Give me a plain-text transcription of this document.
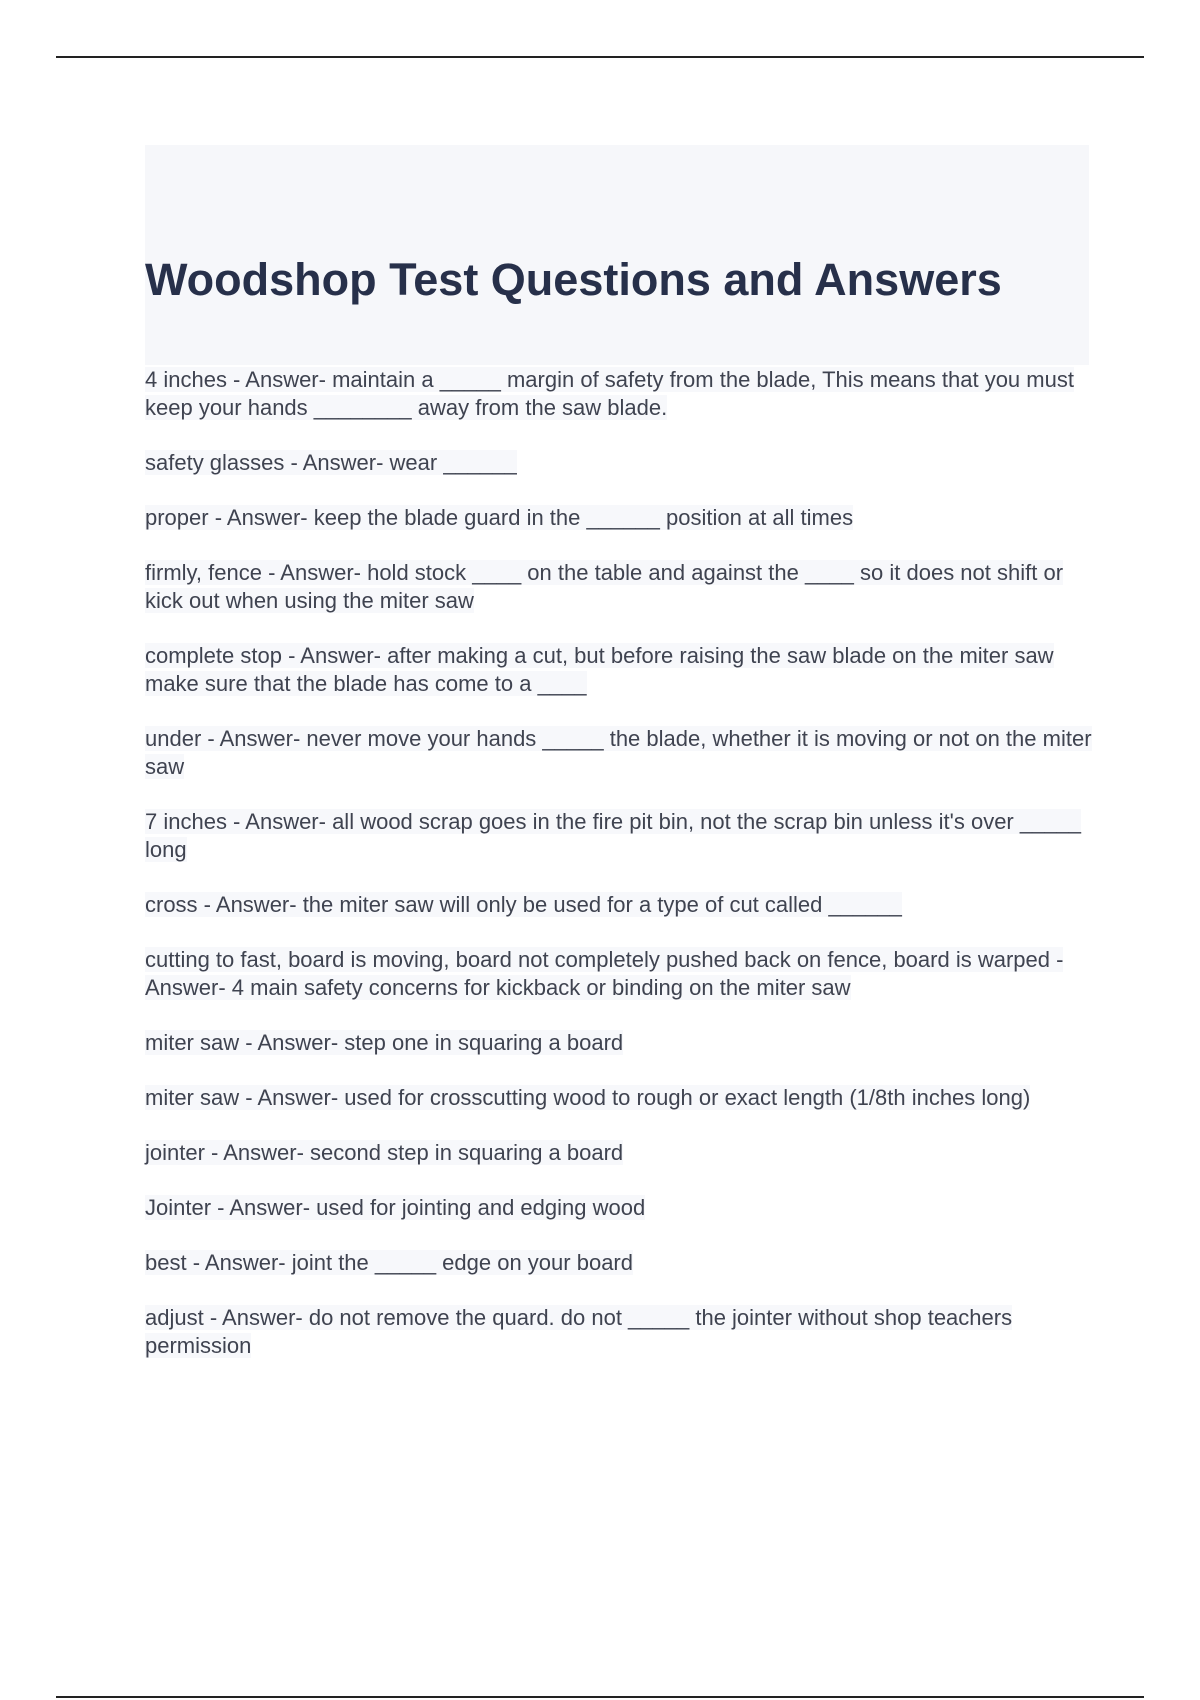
Woodshop Test Questions and Answers
4 inches - Answer- maintain a _____ margin of safety from the blade, This means that you must keep your hands ________ away from the saw blade.
safety glasses - Answer- wear ______
proper - Answer- keep the blade guard in the ______ position at all times
firmly, fence - Answer- hold stock ____ on the table and against the ____ so it does not shift or kick out when using the miter saw
complete stop - Answer- after making a cut, but before raising the saw blade on the miter saw make sure that the blade has come to a ____
under - Answer- never move your hands _____ the blade, whether it is moving or not on the miter saw
7 inches - Answer- all wood scrap goes in the fire pit bin, not the scrap bin unless it's over _____ long
cross - Answer- the miter saw will only be used for a type of cut called ______
cutting to fast, board is moving, board not completely pushed back on fence, board is warped - Answer- 4 main safety concerns for kickback or binding on the miter saw
miter saw - Answer- step one in squaring a board
miter saw - Answer- used for crosscutting wood to rough or exact length (1/8th inches long)
jointer - Answer- second step in squaring a board
Jointer - Answer- used for jointing and edging wood
best - Answer- joint the _____ edge on your board
adjust - Answer- do not remove the quard. do not _____ the jointer without shop teachers permission
